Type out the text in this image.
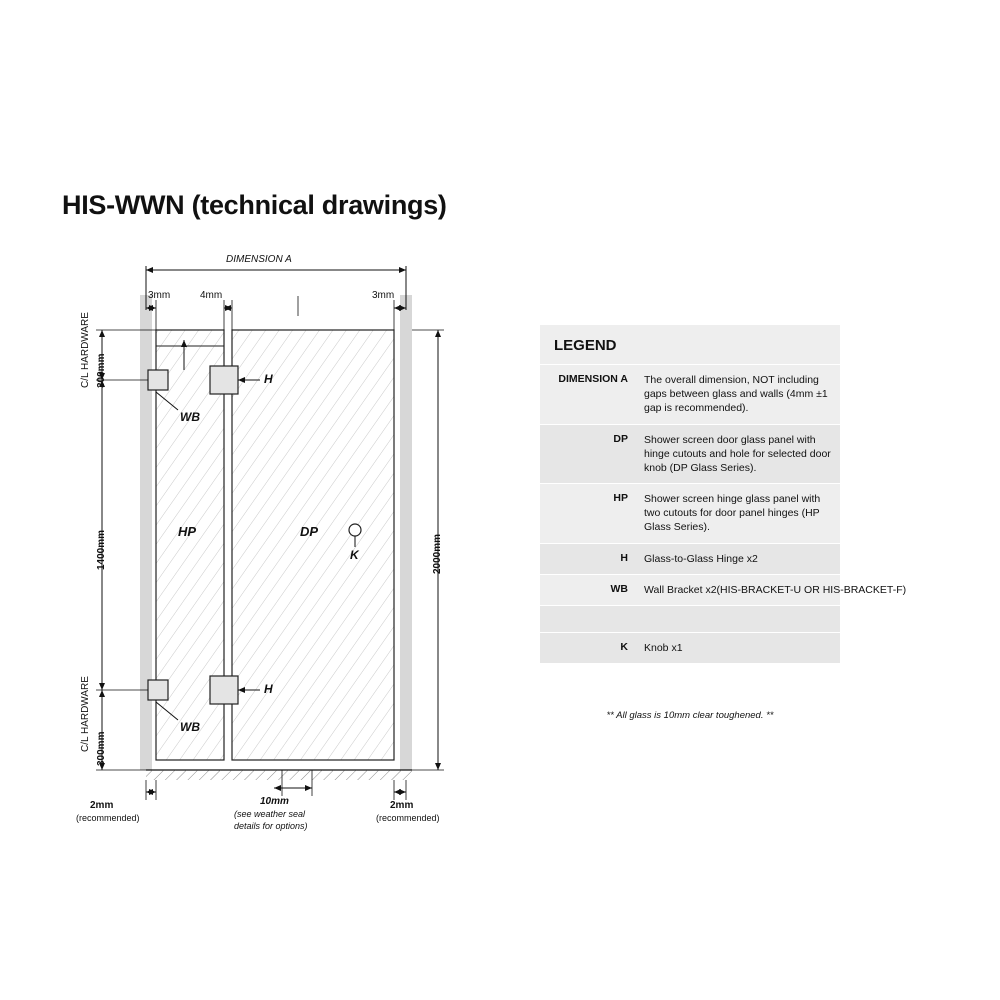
HIS-WWN (technical drawings)
DIMENSION A
3mm	4mm	3mm
C/L HARDWARE 300mm
1400mm
C/L HARDWARE 300mm
2000mm
HP	DP
H
H
WB
WB
K
2mm
(recommended)
10mm
(see weather seal
details for options)
2mm
(recommended)
LEGEND
DIMENSION A	The overall dimension, NOT including gaps between glass and walls (4mm ±1 gap is recommended).
DP	Shower screen door glass panel with hinge cutouts and hole for selected door knob (DP Glass Series).
HP	Shower screen hinge glass panel with two cutouts for door panel hinges (HP Glass Series).
H	Glass-to-Glass Hinge x2
WB	Wall Bracket x2(HIS-BRACKET-U OR HIS-BRACKET-F)
K	Knob x1
** All glass is 10mm clear toughened. **
